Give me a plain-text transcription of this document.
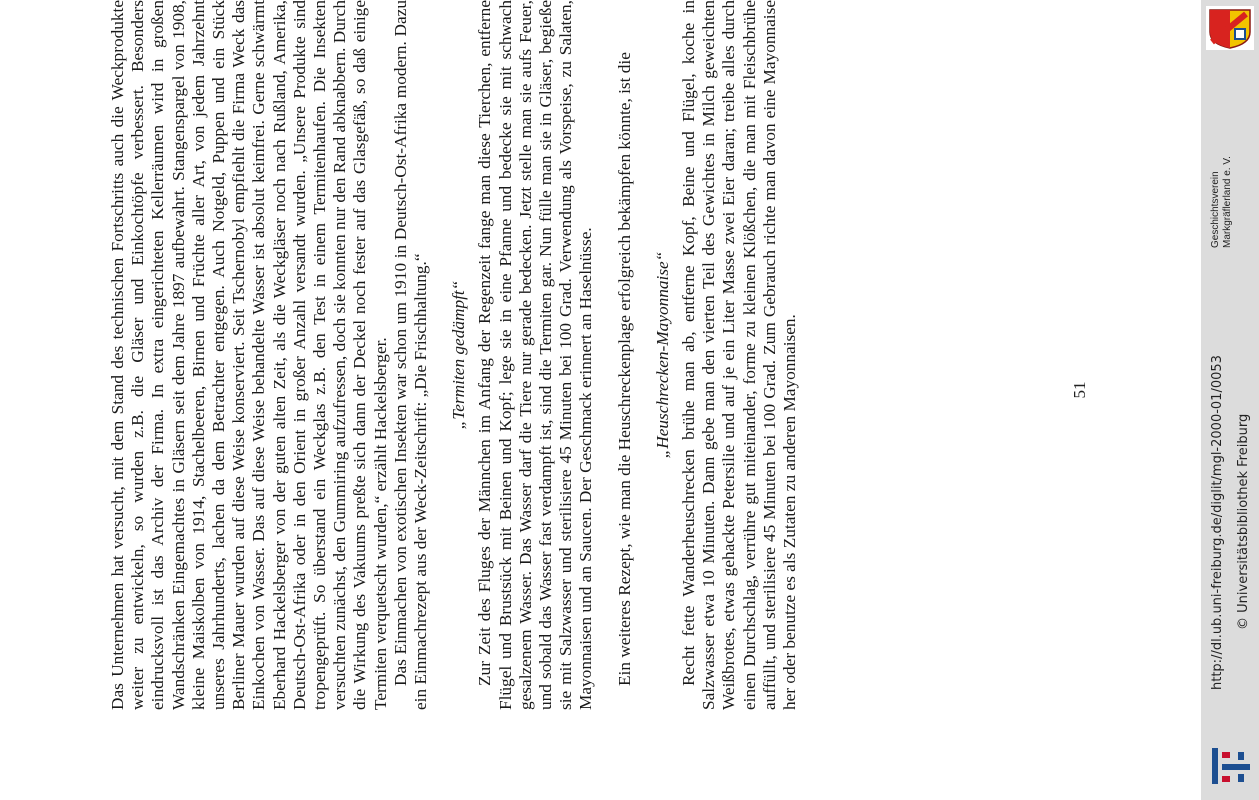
Das Unternehmen hat versucht, mit dem Stand des technischen Fortschritts auch die Weckprodukte weiter zu entwickeln, so wurden z.B. die Gläser und Einkochtöpfe verbessert. Besonders eindrucksvoll ist das Archiv der Firma. In extra eingerichteten Kellerräumen wird in großen Wandschränken Eingemachtes in Gläsern seit dem Jahre 1897 aufbewahrt. Stangenspargel von 1908, kleine Maiskolben von 1914, Stachelbeeren, Birnen und Früchte aller Art, von jedem Jahrzehnt unseres Jahrhunderts, lachen da dem Betrachter entgegen. Auch Notgeld, Puppen und ein Stück Berliner Mauer wurden auf diese Weise konserviert. Seit Tschernobyl empfiehlt die Firma Weck das Einkochen von Wasser. Das auf diese Weise behandelte Wasser ist absolut keimfrei. Gerne schwärmt Eberhard Hackelsberger von der guten alten Zeit, als die Weckgläser noch nach Rußland, Amerika, Deutsch-Ost-Afrika oder in den Orient in großer Anzahl versandt wurden. „Unsere Produkte sind tropengeprüft. So überstand ein Weckglas z.B. den Test in einem Termitenhaufen. Die Insekten versuchten zunächst, den Gummiring aufzufressen, doch sie konnten nur den Rand abknabbern. Durch die Wirkung des Vakuums preßte sich dann der Deckel noch fester auf das Glasgefäß, so daß einige Termiten verquetscht wurden,“ erzählt Hackelsberger. Das Einmachen von exotischen Insekten war schon um 1910 in Deutsch-Ost-Afrika modern. Dazu ein Einmachrezept aus der Weck-Zeitschrift: „Die Frischhaltung.“ „Termiten gedämpft“ Zur Zeit des Fluges der Männchen im Anfang der Regenzeit fange man diese Tierchen, entferne Flügel und Brustsück mit Beinen und Kopf; lege sie in eine Pfanne und bedecke sie mit schwach gesalzenem Wasser. Das Wasser darf die Tiere nur gerade bedecken. Jetzt stelle man sie aufs Feuer, und sobald das Wasser fast verdampft ist, sind die Termiten gar. Nun fülle man sie in Gläser, begieße sie mit Salzwasser und sterilisiere 45 Minuten bei 100 Grad. Verwendung als Vorspeise, zu Salaten, Mayonnaisen und an Saucen. Der Geschmack erinnert an Haselnüsse. Ein weiteres Rezept, wie man die Heuschreckenplage erfolgreich bekämpfen könnte, ist die „Heuschrecken-Mayonnaise“ Recht fette Wanderheuschrecken brühe man ab, entferne Kopf, Beine und Flügel, koche in Salzwasser etwa 10 Minuten. Dann gebe man den vierten Teil des Gewichtes in Milch geweichten Weißbrotes, etwas gehackte Petersilie und auf je ein Liter Masse zwei Eier daran; treibe alles durch einen Durchschlag, verrühre gut miteinander, forme zu kleinen Klößchen, die man mit Fleischbrühe auffüllt, und sterilisiere 45 Minuten bei 100 Grad. Zum Gebrauch richte man davon eine Mayonnaise her oder benutze es als Zutaten zu anderen Mayonnaisen.	51
Geschichtsverein Markgräflerland e. V.
http://dl.ub.uni-freiburg.de/diglit/mgl-2000-01/0053 © Universitätsbibliothek Freiburg
